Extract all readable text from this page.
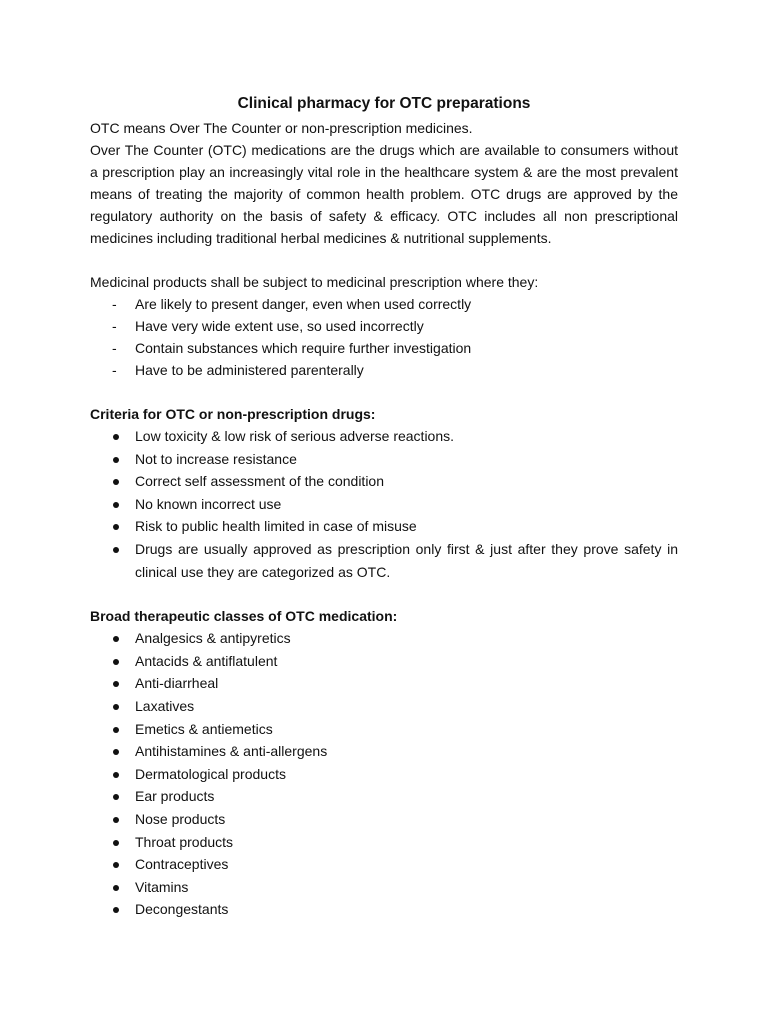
Clinical pharmacy for OTC preparations

OTC means Over The Counter or non-prescription medicines.

Over The Counter (OTC) medications are the drugs which are available to consumers without a prescription play an increasingly vital role in the healthcare system & are the most prevalent means of treating the majority of common health problem. OTC drugs are approved by the regulatory authority on the basis of safety & efficacy. OTC includes all non prescriptional medicines including traditional herbal medicines & nutritional supplements.

Medicinal products shall be subject to medicinal prescription where they:

- Are likely to present danger, even when used correctly
- Have very wide extent use, so used incorrectly
- Contain substances which require further investigation
- Have to be administered parenterally

Criteria for OTC or non-prescription drugs:

Low toxicity & low risk of serious adverse reactions.
Not to increase resistance
Correct self assessment of the condition
No known incorrect use
Risk to public health limited in case of misuse
Drugs are usually approved as prescription only first & just after they prove safety in clinical use they are categorized as OTC.

Broad therapeutic classes of OTC medication:

Analgesics & antipyretics
Antacids & antiflatulent
Anti-diarrheal
Laxatives
Emetics & antiemetics
Antihistamines & anti-allergens
Dermatological products
Ear products
Nose products
Throat products
Contraceptives
Vitamins
Decongestants
